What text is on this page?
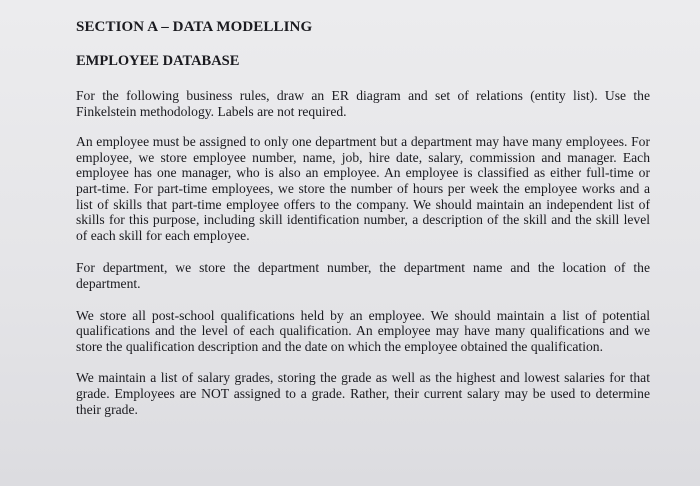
SECTION A – DATA MODELLING
EMPLOYEE DATABASE

For the following business rules, draw an ER diagram and set of relations (entity list). Use the Finkelstein methodology. Labels are not required.

An employee must be assigned to only one department but a department may have many employees. For employee, we store employee number, name, job, hire date, salary, commission and manager. Each employee has one manager, who is also an employee. An employee is classified as either full-time or part-time. For part-time employees, we store the number of hours per week the employee works and a list of skills that part-time employee offers to the company. We should maintain an independent list of skills for this purpose, including skill identification number, a description of the skill and the skill level of each skill for each employee.

For department, we store the department number, the department name and the location of the department.

We store all post-school qualifications held by an employee. We should maintain a list of potential qualifications and the level of each qualification. An employee may have many qualifications and we store the qualification description and the date on which the employee obtained the qualification.

We maintain a list of salary grades, storing the grade as well as the highest and lowest salaries for that grade. Employees are NOT assigned to a grade. Rather, their current salary may be used to determine their grade.
